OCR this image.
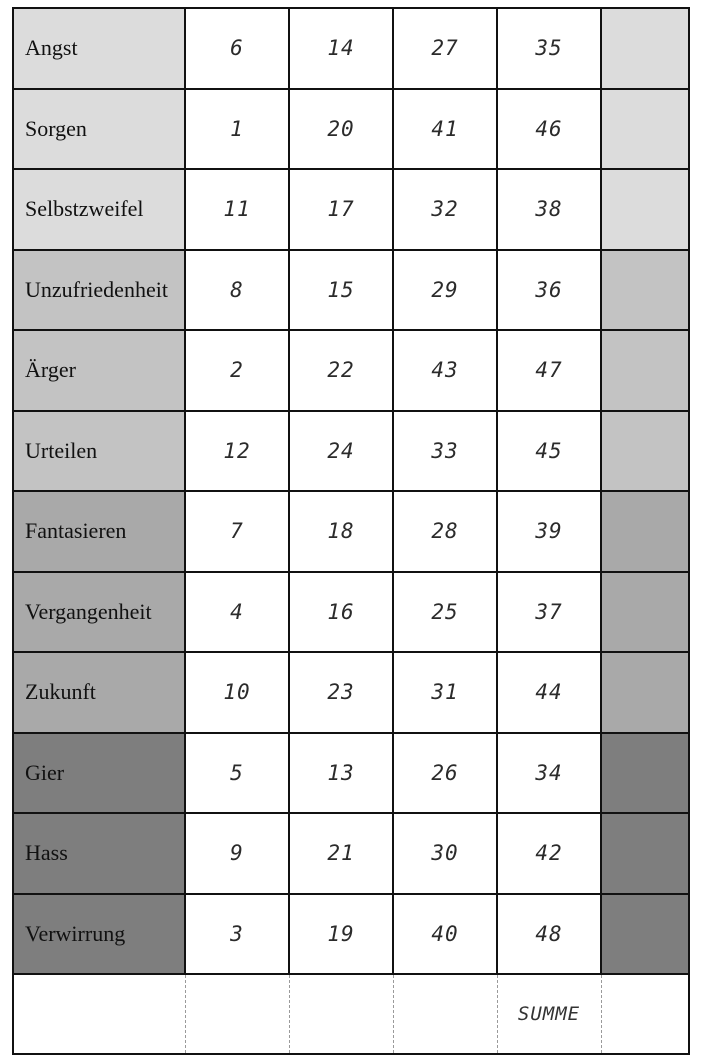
Angst	6	14	27	35	
Sorgen	1	20	41	46	
Selbstzweifel	11	17	32	38	
Unzufriedenheit	8	15	29	36	
Ärger	2	22	43	47	
Urteilen	12	24	33	45	
Fantasieren	7	18	28	39	
Vergangenheit	4	16	25	37	
Zukunft	10	23	31	44	
Gier	5	13	26	34	
Hass	9	21	30	42	
Verwirrung	3	19	40	48	
				SUMME	
